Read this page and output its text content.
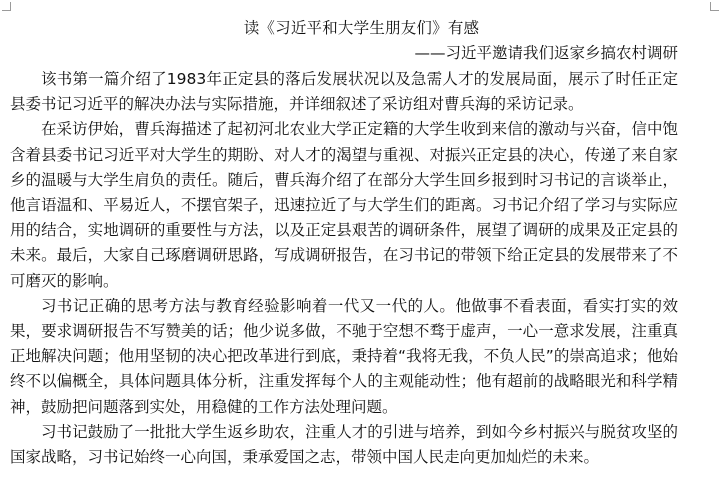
读《习近平和大学生朋友们》有感
——习近平邀请我们返家乡搞农村调研

该书第一篇介绍了1983年正定县的落后发展状况以及急需人才的发展局面，展示了时任正定县委书记习近平的解决办法与实际措施，并详细叙述了采访组对曹兵海的采访记录。

在采访伊始，曹兵海描述了起初河北农业大学正定籍的大学生收到来信的激动与兴奋，信中饱含着县委书记习近平对大学生的期盼、对人才的渴望与重视、对振兴正定县的决心，传递了来自家乡的温暖与大学生肩负的责任。随后，曹兵海介绍了在部分大学生回乡报到时习书记的言谈举止，他言语温和、平易近人，不摆官架子，迅速拉近了与大学生们的距离。习书记介绍了学习与实际应用的结合，实地调研的重要性与方法，以及正定县艰苦的调研条件，展望了调研的成果及正定县的未来。最后，大家自己琢磨调研思路，写成调研报告，在习书记的带领下给正定县的发展带来了不可磨灭的影响。

习书记正确的思考方法与教育经验影响着一代又一代的人。他做事不看表面，看实打实的效果，要求调研报告不写赞美的话；他少说多做，不驰于空想不骛于虚声，一心一意求发展，注重真正地解决问题；他用坚韧的决心把改革进行到底，秉持着“我将无我，不负人民”的崇高追求；他始终不以偏概全，具体问题具体分析，注重发挥每个人的主观能动性；他有超前的战略眼光和科学精神，鼓励把问题落到实处，用稳健的工作方法处理问题。

习书记鼓励了一批批大学生返乡助农，注重人才的引进与培养，到如今乡村振兴与脱贫攻坚的国家战略，习书记始终一心向国，秉承爱国之志，带领中国人民走向更加灿烂的未来。
